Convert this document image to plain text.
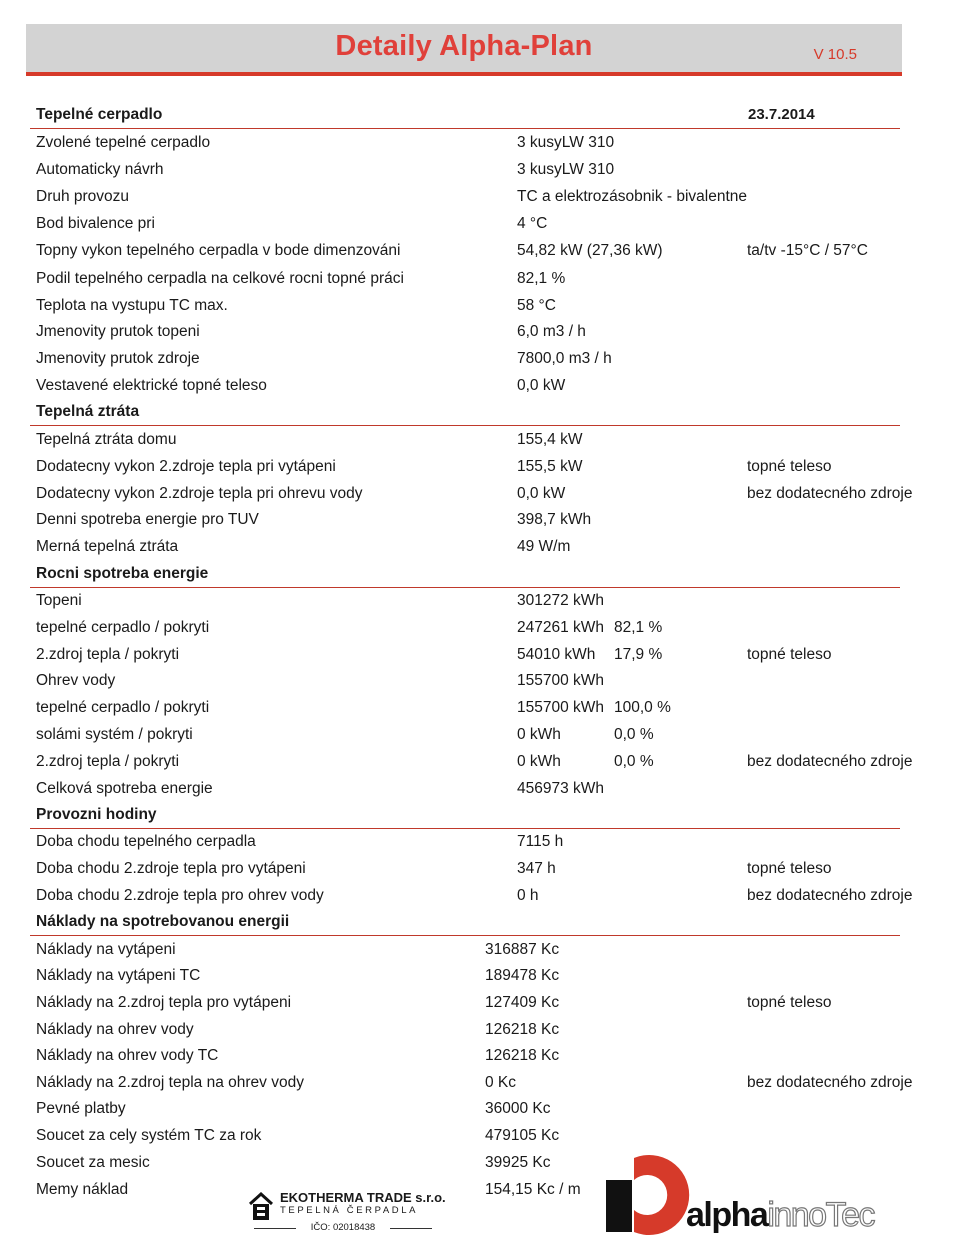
Detaily Alpha-Plan	V 10.5
Tepelné cerpadlo	23.7.2014
Zvolené tepelné cerpadlo	3 kusyLW 310
Automaticky návrh	3 kusyLW 310
Druh provozu	TC a elektrozásobnik - bivalentne
Bod bivalence pri	4 °C
Topny vykon tepelného cerpadla v bode dimenzováni	54,82 kW (27,36 kW)	ta/tv -15°C / 57°C
Podil tepelného cerpadla na celkové rocni topné práci	82,1 %
Teplota na vystupu TC max.	58 °C
Jmenovity prutok topeni	6,0 m3 / h
Jmenovity prutok zdroje	7800,0 m3 / h
Vestavené elektrické topné teleso	0,0 kW
Tepelná ztráta
Tepelná ztráta domu	155,4 kW
Dodatecny vykon 2.zdroje tepla pri vytápeni	155,5 kW	topné teleso
Dodatecny vykon 2.zdroje tepla pri ohrevu vody	0,0 kW	bez dodatecného zdroje
Denni spotreba energie pro TUV	398,7 kWh
Merná tepelná ztráta	49 W/m
Rocni spotreba energie
Topeni	301272 kWh
tepelné cerpadlo / pokryti	247261 kWh 82,1 %
2.zdroj tepla / pokryti	54010 kWh 17,9 %	topné teleso
Ohrev vody	155700 kWh
tepelné cerpadlo / pokryti	155700 kWh 100,0 %
solámi systém / pokryti	0 kWh	0,0 %
2.zdroj tepla / pokryti	0 kWh	0,0 %	bez dodatecného zdroje
Celková spotreba energie	456973 kWh
Provozni hodiny
Doba chodu tepelného cerpadla	7115 h
Doba chodu 2.zdroje tepla pro vytápeni	347 h	topné teleso
Doba chodu 2.zdroje tepla pro ohrev vody	0 h	bez dodatecného zdroje
Náklady na spotrebovanou energii
Náklady na vytápeni	316887 Kc
Náklady na vytápeni TC	189478 Kc
Náklady na 2.zdroj tepla pro vytápeni	127409 Kc	topné teleso
Náklady na ohrev vody	126218 Kc
Náklady na ohrev vody TC	126218 Kc
Náklady na 2.zdroj tepla na ohrev vody	0 Kc	bez dodatecného zdroje
Pevné platby	36000 Kc
Soucet za cely systém TC za rok	479105 Kc
Soucet za mesic	39925 Kc
Memy náklad	154,15 Kc / m
EKOTHERMA TRADE s.r.o.
TEPELNÁ ČERPADLA
IČO: 02018438	alphainnoTec
